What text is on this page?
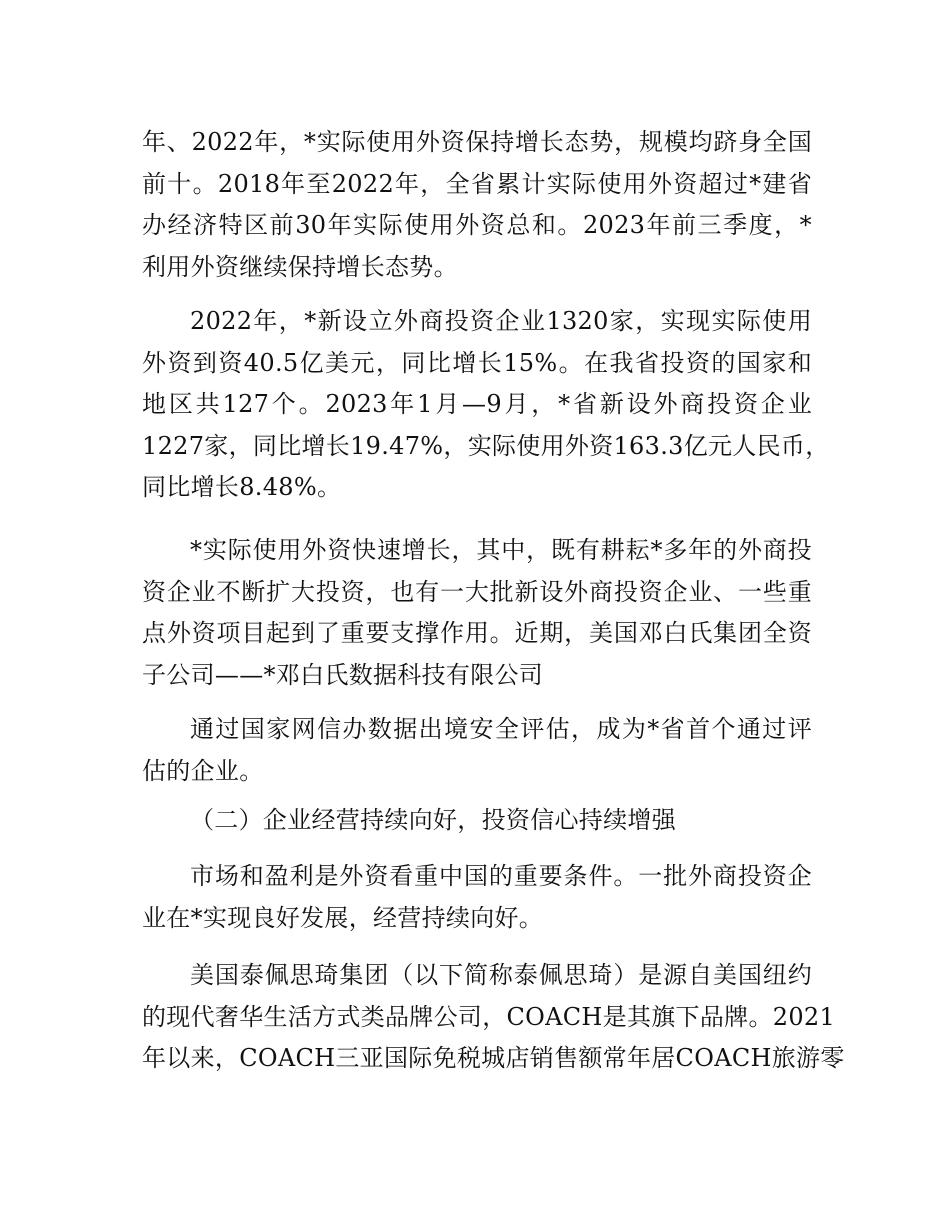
年、2022年，*实际使用外资保持增长态势，规模均跻身全国
前十。2018年至2022年，全省累计实际使用外资超过*建省
办经济特区前30年实际使用外资总和。2023年前三季度，*
利用外资继续保持增长态势。
2022年，*新设立外商投资企业1320家，实现实际使用
外资到资40.5亿美元，同比增长15%。在我省投资的国家和
地区共127个。2023年1月—9月，*省新设外商投资企业
1227家，同比增长19.47%，实际使用外资163.3亿元人民币，
同比增长8.48%。
*实际使用外资快速增长，其中，既有耕耘*多年的外商投
资企业不断扩大投资，也有一大批新设外商投资企业、一些重
点外资项目起到了重要支撑作用。近期，美国邓白氏集团全资
子公司——*邓白氏数据科技有限公司
通过国家网信办数据出境安全评估，成为*省首个通过评
估的企业。
（二）企业经营持续向好，投资信心持续增强
市场和盈利是外资看重中国的重要条件。一批外商投资企
业在*实现良好发展，经营持续向好。
美国泰佩思琦集团（以下简称泰佩思琦）是源自美国纽约
的现代奢华生活方式类品牌公司，COACH是其旗下品牌。2021
年以来，COACH三亚国际免税城店销售额常年居COACH旅游零
